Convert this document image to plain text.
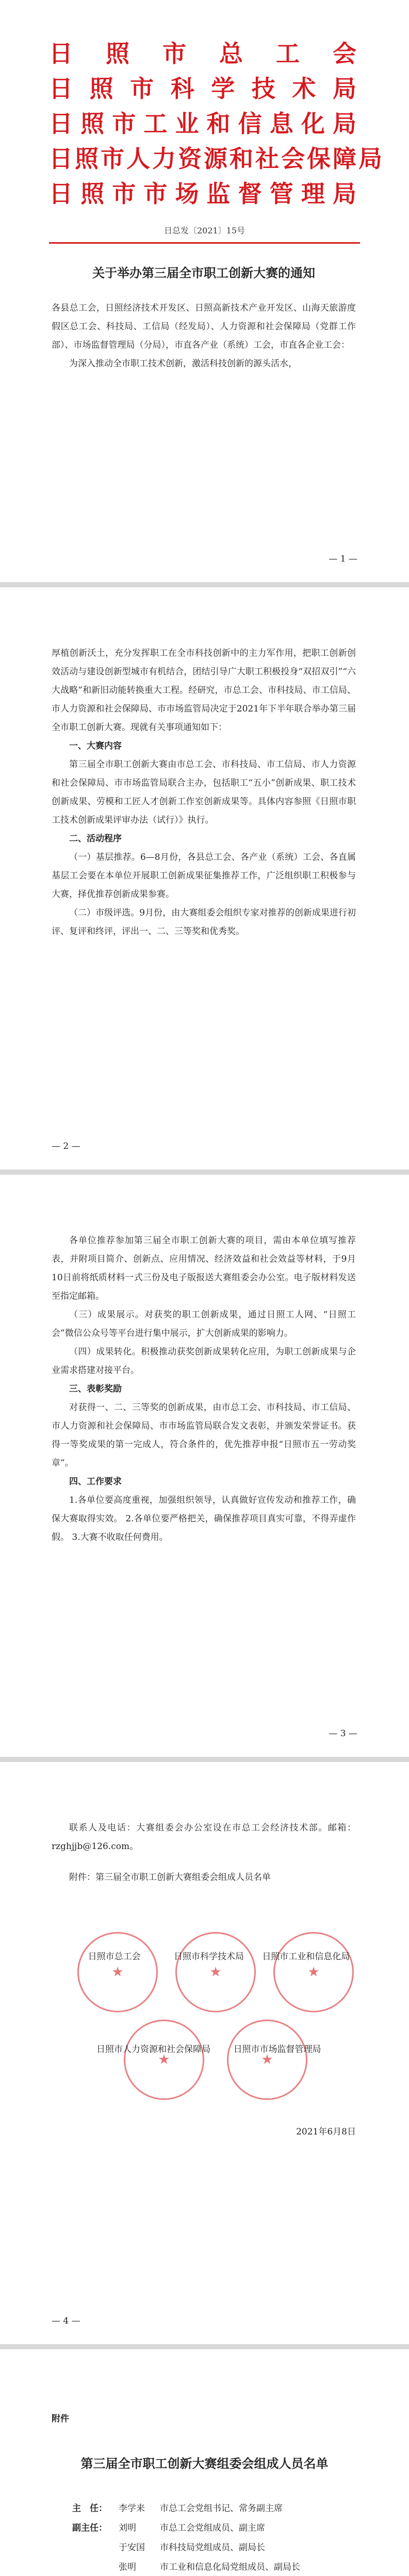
日照市总工会
日照市科学技术局
日照市工业和信息化局
日照市人力资源和社会保障局
日照市市场监督管理局
日总发〔2021〕15号
关于举办第三届全市职工创新大赛的通知

各县总工会，日照经济技术开发区、日照高新技术产业开发区、山海天旅游度假区总工会、科技局、工信局（经发局）、人力资源和社会保障局（党群工作部）、市场监督管理局（分局），市直各产业（系统）工会，市直各企业工会：

为深入推动全市职工技术创新，激活科技创新的源头活水，

— 1 —

厚植创新沃土，充分发挥职工在全市科技创新中的主力军作用，把职工创新创效活动与建设创新型城市有机结合，团结引导广大职工积极投身“双招双引”“六大战略”和新旧动能转换重大工程。经研究，市总工会、市科技局、市工信局、市人力资源和社会保障局、市市场监管局决定于2021年下半年联合举办第三届全市职工创新大赛。现就有关事项通知如下：

一、大赛内容

第三届全市职工创新大赛由市总工会、市科技局、市工信局、市人力资源和社会保障局、市市场监管局联合主办，包括职工“五小”创新成果、职工技术创新成果、劳模和工匠人才创新工作室创新成果等。具体内容参照《日照市职工技术创新成果评审办法（试行）》执行。

二、活动程序

（一）基层推荐。6—8月份，各县总工会、各产业（系统）工会、各直属基层工会要在本单位开展职工创新成果征集推荐工作，广泛组织职工积极参与大赛，择优推荐创新成果参赛。

（二）市级评选。9月份，由大赛组委会组织专家对推荐的创新成果进行初评、复评和终评，评出一、二、三等奖和优秀奖。

— 2 —

各单位推荐参加第三届全市职工创新大赛的项目，需由本单位填写推荐表，并附项目简介、创新点、应用情况、经济效益和社会效益等材料，于9月10日前将纸质材料一式三份及电子版报送大赛组委会办公室。电子版材料发送至指定邮箱。

（三）成果展示。对获奖的职工创新成果，通过日照工人网、“日照工会”微信公众号等平台进行集中展示，扩大创新成果的影响力。

（四）成果转化。积极推动获奖创新成果转化应用，为职工创新成果与企业需求搭建对接平台。

三、表彰奖励

对获得一、二、三等奖的创新成果，由市总工会、市科技局、市工信局、市人力资源和社会保障局、市市场监管局联合发文表彰，并颁发荣誉证书。获得一等奖成果的第一完成人，符合条件的，优先推荐申报“日照市五一劳动奖章”。

四、工作要求

1.各单位要高度重视，加强组织领导，认真做好宣传发动和推荐工作，确保大赛取得实效。 2.各单位要严格把关，确保推荐项目真实可靠，不得弄虚作假。 3.大赛不收取任何费用。

— 3 —

联系人及电话：大赛组委会办公室设在市总工会经济技术部。邮箱：rzghjjb@126.com。

附件：第三届全市职工创新大赛组委会组成人员名单

★
★
★
★
★
日照市总工会	日照市科学技术局	日照市工业和信息化局
日照市人力资源和社会保障局	日照市市场监督管理局
2021年6月8日
— 4 —
附件
第三届全市职工创新大赛组委会组成人员名单
主　任：	李学来	市总工会党组书记、常务副主席
副主任：	刘明	市总工会党组成员、副主席
于安国	市科技局党组成员、副局长
张明	市工业和信息化局党组成员、副局长
